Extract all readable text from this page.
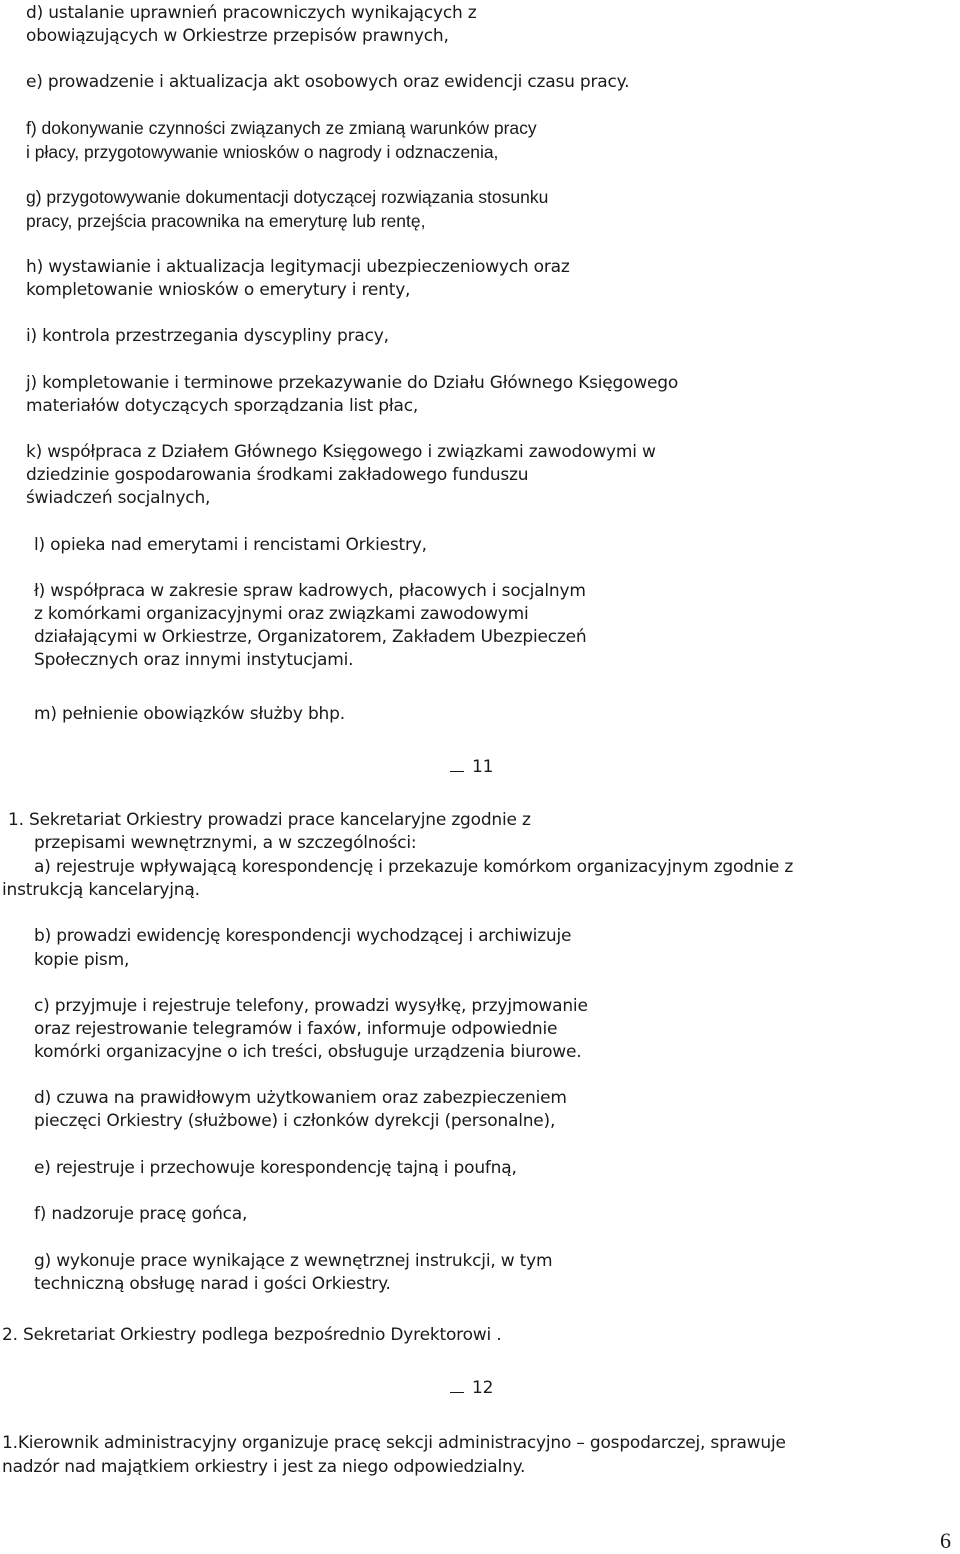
d) ustalanie uprawnień pracowniczych wynikających z
obowiązujących w Orkiestrze przepisów prawnych,
e) prowadzenie i aktualizacja akt osobowych oraz ewidencji czasu pracy.
f) dokonywanie czynności związanych ze zmianą warunków pracy
i płacy, przygotowywanie wniosków o nagrody i odznaczenia,
g) przygotowywanie dokumentacji dotyczącej rozwiązania stosunku
pracy, przejścia pracownika na emeryturę lub rentę,
h) wystawianie i aktualizacja legitymacji ubezpieczeniowych oraz
kompletowanie wniosków o emerytury i renty,
i) kontrola przestrzegania dyscypliny pracy,
j) kompletowanie i terminowe przekazywanie do Działu Głównego Księgowego
materiałów dotyczących sporządzania list płac,
k) współpraca z Działem Głównego Księgowego i związkami zawodowymi w
dziedzinie gospodarowania środkami zakładowego funduszu
świadczeń socjalnych,
l) opieka nad emerytami i rencistami Orkiestry,
ł) współpraca w zakresie spraw kadrowych, płacowych i socjalnym
z komórkami organizacyjnymi oraz związkami zawodowymi
działającymi w Orkiestrze, Organizatorem, Zakładem Ubezpieczeń
Społecznych oraz innymi instytucjami.
m) pełnienie obowiązków służby bhp.
11
1. Sekretariat Orkiestry prowadzi prace kancelaryjne zgodnie z
przepisami wewnętrznymi, a w szczególności:
a) rejestruje wpływającą korespondencję i przekazuje komórkom organizacyjnym zgodnie z
instrukcją kancelaryjną.
b) prowadzi ewidencję korespondencji wychodzącej i archiwizuje
kopie pism,
c) przyjmuje i rejestruje telefony, prowadzi wysyłkę, przyjmowanie
oraz rejestrowanie telegramów i faxów, informuje odpowiednie
komórki organizacyjne o ich treści, obsługuje urządzenia biurowe.
d) czuwa na prawidłowym użytkowaniem oraz zabezpieczeniem
pieczęci Orkiestry (służbowe) i członków dyrekcji (personalne),
e) rejestruje i przechowuje korespondencję tajną i poufną,
f) nadzoruje pracę gońca,
g) wykonuje prace wynikające z wewnętrznej instrukcji, w tym
techniczną obsługę narad i gości Orkiestry.
2. Sekretariat Orkiestry podlega bezpośrednio Dyrektorowi .
12
1.Kierownik administracyjny organizuje pracę sekcji administracyjno – gospodarczej, sprawuje
nadzór nad majątkiem orkiestry i jest za niego odpowiedzialny.
6
